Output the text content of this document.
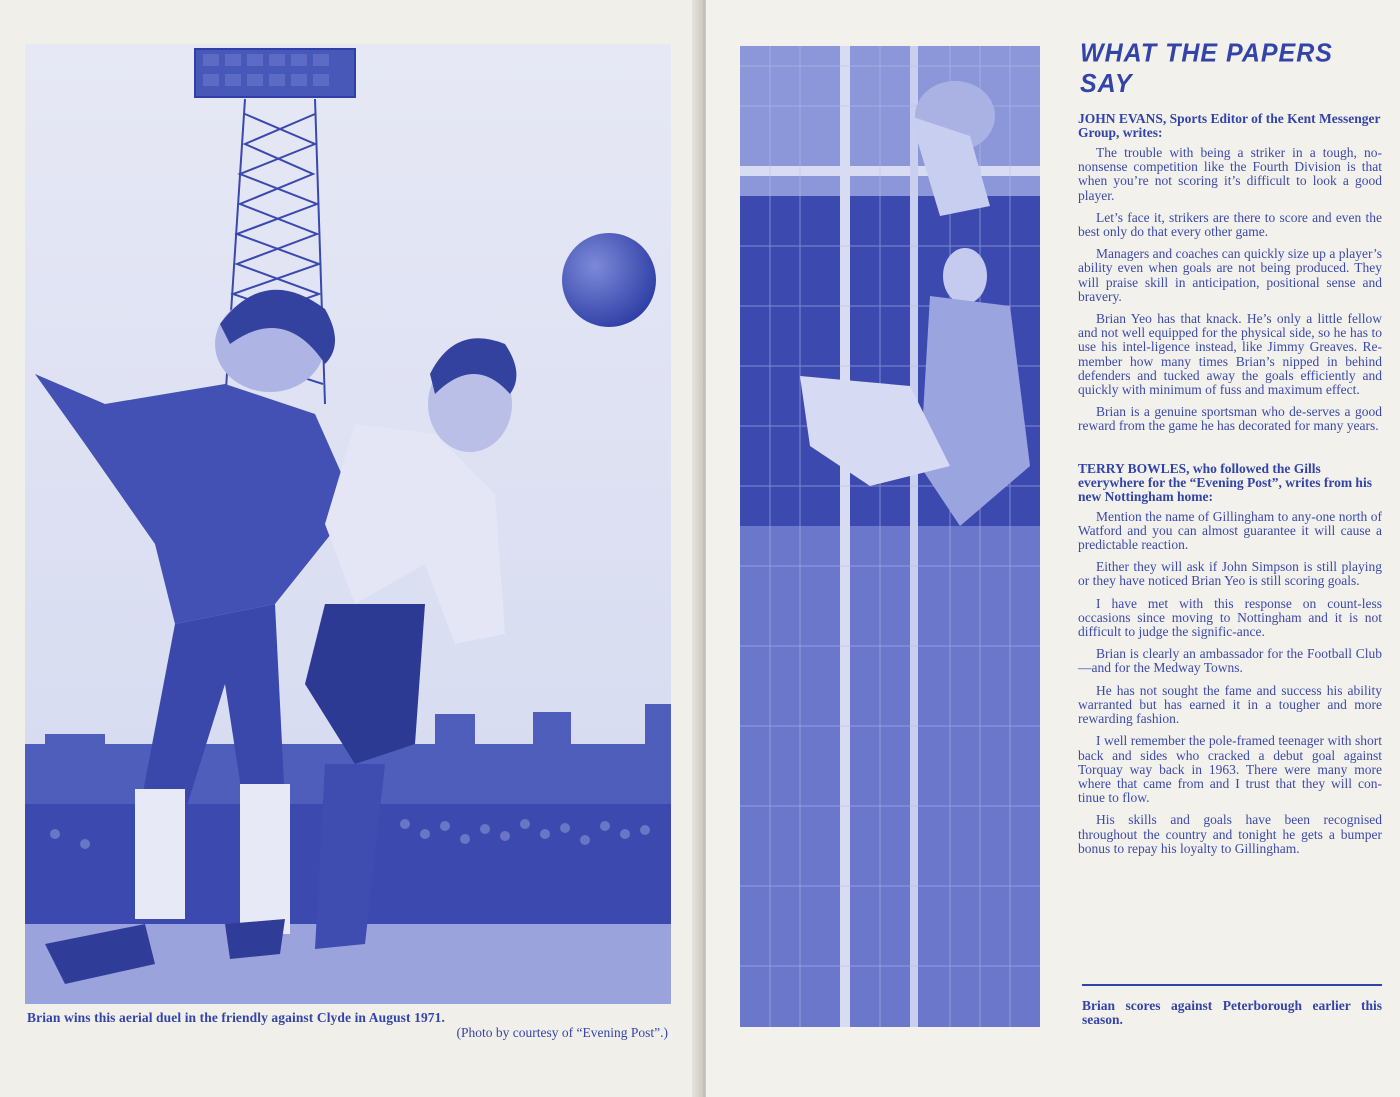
Brian wins this aerial duel in the friendly against Clyde in August 1971.
(Photo by courtesy of “Evening Post”.)
WHAT THE PAPERS SAY
JOHN EVANS, Sports Editor of the Kent Messenger Group, writes:

The trouble with being a striker in a tough, no-nonsense competition like the Fourth Division is that when you’re not scoring it’s difficult to look a good player.

Let’s face it, strikers are there to score and even the best only do that every other game.

Managers and coaches can quickly size up a player’s ability even when goals are not being produced. They will praise skill in anticipation, positional sense and bravery.

Brian Yeo has that knack. He’s only a little fellow and not well equipped for the physical side, so he has to use his intel-ligence instead, like Jimmy Greaves. Re-member how many times Brian’s nipped in behind defenders and tucked away the goals efficiently and quickly with minimum of fuss and maximum effect.

Brian is a genuine sportsman who de-serves a good reward from the game he has decorated for many years.

TERRY BOWLES, who followed the Gills everywhere for the “Evening Post”, writes from his new Nottingham home:

Mention the name of Gillingham to any-one north of Watford and you can almost guarantee it will cause a predictable reaction.

Either they will ask if John Simpson is still playing or they have noticed Brian Yeo is still scoring goals.

I have met with this response on count-less occasions since moving to Nottingham and it is not difficult to judge the signific-ance.

Brian is clearly an ambassador for the Football Club—and for the Medway Towns.

He has not sought the fame and success his ability warranted but has earned it in a tougher and more rewarding fashion.

I well remember the pole-framed teenager with short back and sides who cracked a debut goal against Torquay way back in 1963. There were many more where that came from and I trust that they will con-tinue to flow.

His skills and goals have been recognised throughout the country and tonight he gets a bumper bonus to repay his loyalty to Gillingham.

Brian scores against Peterborough earlier this season.
